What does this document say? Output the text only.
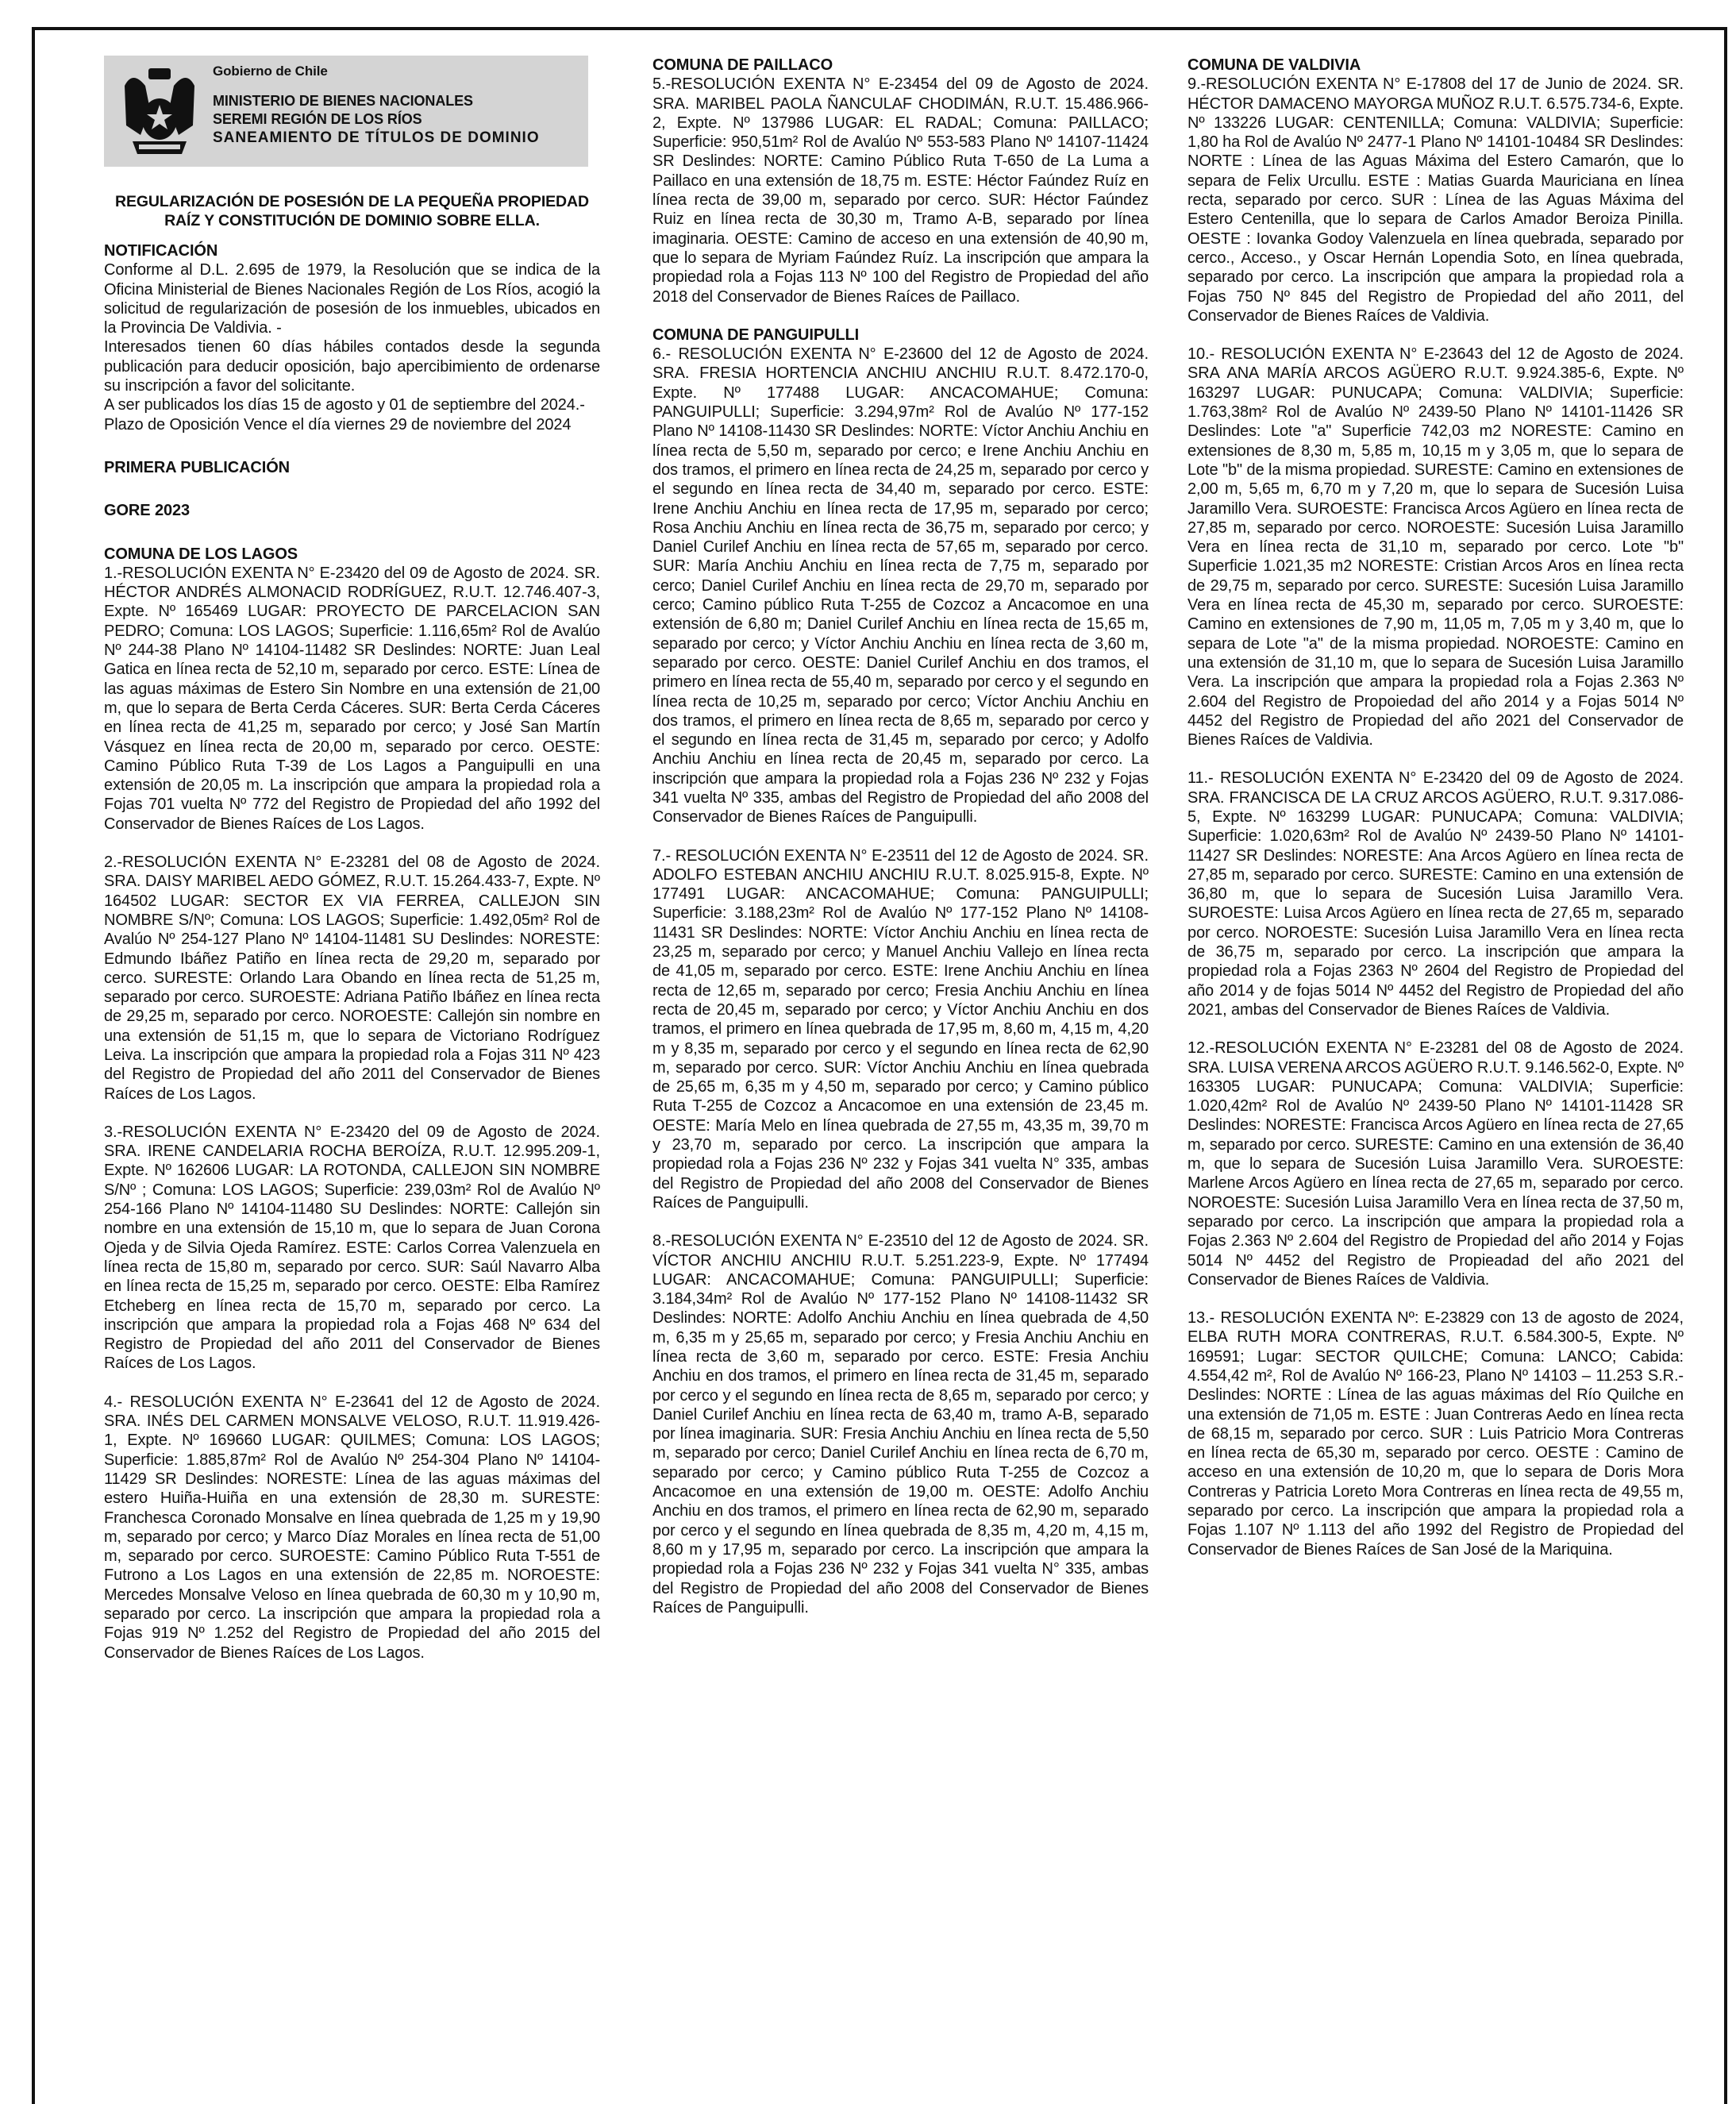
Gobierno de Chile
MINISTERIO DE BIENES NACIONALES
SEREMI REGIÓN DE LOS RÍOS
SANEAMIENTO DE TÍTULOS DE DOMINIO

REGULARIZACIÓN DE POSESIÓN DE LA PEQUEÑA PROPIEDAD RAÍZ Y CONSTITUCIÓN DE DOMINIO SOBRE ELLA.

NOTIFICACIÓN

Conforme al D.L. 2.695 de 1979, la Resolución que se indica de la Oficina Ministerial de Bienes Nacionales Región de Los Ríos, acogió la solicitud de regularización de posesión de los inmuebles, ubicados en la Provincia De Valdivia. -

Interesados tienen 60 días hábiles contados desde la segunda publicación para deducir oposición, bajo apercibimiento de ordenarse su inscripción a favor del solicitante.

A ser publicados los días 15 de agosto y 01 de septiembre del 2024.-

Plazo de Oposición Vence el día viernes 29 de noviembre del 2024

PRIMERA PUBLICACIÓN

GORE 2023

COMUNA DE LOS LAGOS

1.-RESOLUCIÓN EXENTA N° E-23420 del 09 de Agosto de 2024. SR. HÉCTOR ANDRÉS ALMONACID RODRÍGUEZ, R.U.T. 12.746.407-3, Expte. Nº 165469 LUGAR: PROYECTO DE PARCELACION SAN PEDRO; Comuna: LOS LAGOS; Superficie: 1.116,65m² Rol de Avalúo Nº 244-38 Plano Nº 14104-11482 SR Deslindes: NORTE: Juan Leal Gatica en línea recta de 52,10 m, separado por cerco. ESTE: Línea de las aguas máximas de Estero Sin Nombre en una extensión de 21,00 m, que lo separa de Berta Cerda Cáceres. SUR: Berta Cerda Cáceres en línea recta de 41,25 m, separado por cerco; y José San Martín Vásquez en línea recta de 20,00 m, separado por cerco. OESTE: Camino Público Ruta T-39 de Los Lagos a Panguipulli en una extensión de 20,05 m. La inscripción que ampara la propiedad rola a Fojas 701 vuelta Nº 772 del Registro de Propiedad del año 1992 del Conservador de Bienes Raíces de Los Lagos.

2.-RESOLUCIÓN EXENTA N° E-23281 del 08 de Agosto de 2024. SRA. DAISY MARIBEL AEDO GÓMEZ, R.U.T. 15.264.433-7, Expte. Nº 164502 LUGAR: SECTOR EX VIA FERREA, CALLEJON SIN NOMBRE S/Nº; Comuna: LOS LAGOS; Superficie: 1.492,05m² Rol de Avalúo Nº 254-127 Plano Nº 14104-11481 SU Deslindes: NORESTE: Edmundo Ibáñez Patiño en línea recta de 29,20 m, separado por cerco. SURESTE: Orlando Lara Obando en línea recta de 51,25 m, separado por cerco. SUROESTE: Adriana Patiño Ibáñez en línea recta de 29,25 m, separado por cerco. NOROESTE: Callejón sin nombre en una extensión de 51,15 m, que lo separa de Victoriano Rodríguez Leiva. La inscripción que ampara la propiedad rola a Fojas 311 Nº 423 del Registro de Propiedad del año 2011 del Conservador de Bienes Raíces de Los Lagos.

3.-RESOLUCIÓN EXENTA N° E-23420 del 09 de Agosto de 2024. SRA. IRENE CANDELARIA ROCHA BEROÍZA, R.U.T. 12.995.209-1, Expte. Nº 162606 LUGAR: LA ROTONDA, CALLEJON SIN NOMBRE S/Nº ; Comuna: LOS LAGOS; Superficie: 239,03m² Rol de Avalúo Nº 254-166 Plano Nº 14104-11480 SU Deslindes: NORTE: Callejón sin nombre en una extensión de 15,10 m, que lo separa de Juan Corona Ojeda y de Silvia Ojeda Ramírez. ESTE: Carlos Correa Valenzuela en línea recta de 15,80 m, separado por cerco. SUR: Saúl Navarro Alba en línea recta de 15,25 m, separado por cerco. OESTE: Elba Ramírez Etcheberg en línea recta de 15,70 m, separado por cerco. La inscripción que ampara la propiedad rola a Fojas 468 Nº 634 del Registro de Propiedad del año 2011 del Conservador de Bienes Raíces de Los Lagos.

4.- RESOLUCIÓN EXENTA N° E-23641 del 12 de Agosto de 2024. SRA. INÉS DEL CARMEN MONSALVE VELOSO, R.U.T. 11.919.426-1, Expte. Nº 169660 LUGAR: QUILMES; Comuna: LOS LAGOS; Superficie: 1.885,87m² Rol de Avalúo Nº 254-304 Plano Nº 14104-11429 SR Deslindes: NORESTE: Línea de las aguas máximas del estero Huiña-Huiña en una extensión de 28,30 m. SURESTE: Franchesca Coronado Monsalve en línea quebrada de 1,25 m y 19,90 m, separado por cerco; y Marco Díaz Morales en línea recta de 51,00 m, separado por cerco. SUROESTE: Camino Público Ruta T-551 de Futrono a Los Lagos en una extensión de 22,85 m. NOROESTE: Mercedes Monsalve Veloso en línea quebrada de 60,30 m y 10,90 m, separado por cerco. La inscripción que ampara la propiedad rola a Fojas 919 Nº 1.252 del Registro de Propiedad del año 2015 del Conservador de Bienes Raíces de Los Lagos.

COMUNA DE PAILLACO

5.-RESOLUCIÓN EXENTA N° E-23454 del 09 de Agosto de 2024. SRA. MARIBEL PAOLA ÑANCULAF CHODIMÁN, R.U.T. 15.486.966-2, Expte. Nº 137986 LUGAR: EL RADAL; Comuna: PAILLACO; Superficie: 950,51m² Rol de Avalúo Nº 553-583 Plano Nº 14107-11424 SR Deslindes: NORTE: Camino Público Ruta T-650 de La Luma a Paillaco en una extensión de 18,75 m. ESTE: Héctor Faúndez Ruíz en línea recta de 39,00 m, separado por cerco. SUR: Héctor Faúndez Ruiz en línea recta de 30,30 m, Tramo A-B, separado por línea imaginaria. OESTE: Camino de acceso en una extensión de 40,90 m, que lo separa de Myriam Faúndez Ruíz. La inscripción que ampara la propiedad rola a Fojas 113 Nº 100 del Registro de Propiedad del año 2018 del Conservador de Bienes Raíces de Paillaco.

COMUNA DE PANGUIPULLI

6.- RESOLUCIÓN EXENTA N° E-23600 del 12 de Agosto de 2024. SRA. FRESIA HORTENCIA ANCHIU ANCHIU R.U.T. 8.472.170-0, Expte. Nº 177488 LUGAR: ANCACOMAHUE; Comuna: PANGUIPULLI; Superficie: 3.294,97m² Rol de Avalúo Nº 177-152 Plano Nº 14108-11430 SR Deslindes: NORTE: Víctor Anchiu Anchiu en línea recta de 5,50 m, separado por cerco; e Irene Anchiu Anchiu en dos tramos, el primero en línea recta de 24,25 m, separado por cerco y el segundo en línea recta de 34,40 m, separado por cerco. ESTE: Irene Anchiu Anchiu en línea recta de 17,95 m, separado por cerco; Rosa Anchiu Anchiu en línea recta de 36,75 m, separado por cerco; y Daniel Curilef Anchiu en línea recta de 57,65 m, separado por cerco. SUR: María Anchiu Anchiu en línea recta de 7,75 m, separado por cerco; Daniel Curilef Anchiu en línea recta de 29,70 m, separado por cerco; Camino público Ruta T-255 de Cozcoz a Ancacomoe en una extensión de 6,80 m; Daniel Curilef Anchiu en línea recta de 15,65 m, separado por cerco; y Víctor Anchiu Anchiu en línea recta de 3,60 m, separado por cerco. OESTE: Daniel Curilef Anchiu en dos tramos, el primero en línea recta de 55,40 m, separado por cerco y el segundo en línea recta de 10,25 m, separado por cerco; Víctor Anchiu Anchiu en dos tramos, el primero en línea recta de 8,65 m, separado por cerco y el segundo en línea recta de 31,45 m, separado por cerco; y Adolfo Anchiu Anchiu en línea recta de 20,45 m, separado por cerco. La inscripción que ampara la propiedad rola a Fojas 236 Nº 232 y Fojas 341 vuelta Nº 335, ambas del Registro de Propiedad del año 2008 del Conservador de Bienes Raíces de Panguipulli.

7.- RESOLUCIÓN EXENTA N° E-23511 del 12 de Agosto de 2024. SR. ADOLFO ESTEBAN ANCHIU ANCHIU R.U.T. 8.025.915-8, Expte. Nº 177491 LUGAR: ANCACOMAHUE; Comuna: PANGUIPULLI; Superficie: 3.188,23m² Rol de Avalúo Nº 177-152 Plano Nº 14108-11431 SR Deslindes: NORTE: Víctor Anchiu Anchiu en línea recta de 23,25 m, separado por cerco; y Manuel Anchiu Vallejo en línea recta de 41,05 m, separado por cerco. ESTE: Irene Anchiu Anchiu en línea recta de 12,65 m, separado por cerco; Fresia Anchiu Anchiu en línea recta de 20,45 m, separado por cerco; y Víctor Anchiu Anchiu en dos tramos, el primero en línea quebrada de 17,95 m, 8,60 m, 4,15 m, 4,20 m y 8,35 m, separado por cerco y el segundo en línea recta de 62,90 m, separado por cerco. SUR: Víctor Anchiu Anchiu en línea quebrada de 25,65 m, 6,35 m y 4,50 m, separado por cerco; y Camino público Ruta T-255 de Cozcoz a Ancacomoe en una extensión de 23,45 m. OESTE: María Melo en línea quebrada de 27,55 m, 43,35 m, 39,70 m y 23,70 m, separado por cerco. La inscripción que ampara la propiedad rola a Fojas 236 Nº 232 y Fojas 341 vuelta N° 335, ambas del Registro de Propiedad del año 2008 del Conservador de Bienes Raíces de Panguipulli.

8.-RESOLUCIÓN EXENTA N° E-23510 del 12 de Agosto de 2024. SR. VÍCTOR ANCHIU ANCHIU R.U.T. 5.251.223-9, Expte. Nº 177494 LUGAR: ANCACOMAHUE; Comuna: PANGUIPULLI; Superficie: 3.184,34m² Rol de Avalúo Nº 177-152 Plano Nº 14108-11432 SR Deslindes: NORTE: Adolfo Anchiu Anchiu en línea quebrada de 4,50 m, 6,35 m y 25,65 m, separado por cerco; y Fresia Anchiu Anchiu en línea recta de 3,60 m, separado por cerco. ESTE: Fresia Anchiu Anchiu en dos tramos, el primero en línea recta de 31,45 m, separado por cerco y el segundo en línea recta de 8,65 m, separado por cerco; y Daniel Curilef Anchiu en línea recta de 63,40 m, tramo A-B, separado por línea imaginaria. SUR: Fresia Anchiu Anchiu en línea recta de 5,50 m, separado por cerco; Daniel Curilef Anchiu en línea recta de 6,70 m, separado por cerco; y Camino público Ruta T-255 de Cozcoz a Ancacomoe en una extensión de 19,00 m. OESTE: Adolfo Anchiu Anchiu en dos tramos, el primero en línea recta de 62,90 m, separado por cerco y el segundo en línea quebrada de 8,35 m, 4,20 m, 4,15 m, 8,60 m y 17,95 m, separado por cerco. La inscripción que ampara la propiedad rola a Fojas 236 Nº 232 y Fojas 341 vuelta N° 335, ambas del Registro de Propiedad del año 2008 del Conservador de Bienes Raíces de Panguipulli.

COMUNA DE VALDIVIA

9.-RESOLUCIÓN EXENTA N° E-17808 del 17 de Junio de 2024. SR. HÉCTOR DAMACENO MAYORGA MUÑOZ R.U.T. 6.575.734-6, Expte. Nº 133226 LUGAR: CENTENILLA; Comuna: VALDIVIA; Superficie: 1,80 ha Rol de Avalúo Nº 2477-1 Plano Nº 14101-10484 SR Deslindes: NORTE : Línea de las Aguas Máxima del Estero Camarón, que lo separa de Felix Urcullu. ESTE : Matias Guarda Mauriciana en línea recta, separado por cerco. SUR : Línea de las Aguas Máxima del Estero Centenilla, que lo separa de Carlos Amador Beroiza Pinilla. OESTE : Iovanka Godoy Valenzuela en línea quebrada, separado por cerco., Acceso., y Oscar Hernán Lopendia Soto, en línea quebrada, separado por cerco. La inscripción que ampara la propiedad rola a Fojas 750 Nº 845 del Registro de Propiedad del año 2011, del Conservador de Bienes Raíces de Valdivia.

10.- RESOLUCIÓN EXENTA N° E-23643 del 12 de Agosto de 2024. SRA ANA MARÍA ARCOS AGÜERO R.U.T. 9.924.385-6, Expte. Nº 163297 LUGAR: PUNUCAPA; Comuna: VALDIVIA; Superficie: 1.763,38m² Rol de Avalúo Nº 2439-50 Plano Nº 14101-11426 SR Deslindes: Lote "a" Superficie 742,03 m2 NORESTE: Camino en extensiones de 8,30 m, 5,85 m, 10,15 m y 3,05 m, que lo separa de Lote "b" de la misma propiedad. SURESTE: Camino en extensiones de 2,00 m, 5,65 m, 6,70 m y 7,20 m, que lo separa de Sucesión Luisa Jaramillo Vera. SUROESTE: Francisca Arcos Agüero en línea recta de 27,85 m, separado por cerco. NOROESTE: Sucesión Luisa Jaramillo Vera en línea recta de 31,10 m, separado por cerco. Lote "b" Superficie 1.021,35 m2 NORESTE: Cristian Arcos Aros en línea recta de 29,75 m, separado por cerco. SURESTE: Sucesión Luisa Jaramillo Vera en línea recta de 45,30 m, separado por cerco. SUROESTE: Camino en extensiones de 7,90 m, 11,05 m, 7,05 m y 3,40 m, que lo separa de Lote "a" de la misma propiedad. NOROESTE: Camino en una extensión de 31,10 m, que lo separa de Sucesión Luisa Jaramillo Vera. La inscripción que ampara la propiedad rola a Fojas 2.363 Nº 2.604 del Registro de Propoiedad del año 2014 y a Fojas 5014 Nº 4452 del Registro de Propiedad del año 2021 del Conservador de Bienes Raíces de Valdivia.

11.- RESOLUCIÓN EXENTA N° E-23420 del 09 de Agosto de 2024. SRA. FRANCISCA DE LA CRUZ ARCOS AGÜERO, R.U.T. 9.317.086-5, Expte. Nº 163299 LUGAR: PUNUCAPA; Comuna: VALDIVIA; Superficie: 1.020,63m² Rol de Avalúo Nº 2439-50 Plano Nº 14101-11427 SR Deslindes: NORESTE: Ana Arcos Agüero en línea recta de 27,85 m, separado por cerco. SURESTE: Camino en una extensión de 36,80 m, que lo separa de Sucesión Luisa Jaramillo Vera. SUROESTE: Luisa Arcos Agüero en línea recta de 27,65 m, separado por cerco. NOROESTE: Sucesión Luisa Jaramillo Vera en línea recta de 36,75 m, separado por cerco. La inscripción que ampara la propiedad rola a Fojas 2363 Nº 2604 del Registro de Propiedad del año 2014 y de fojas 5014 Nº 4452 del Registro de Propiedad del año 2021, ambas del Conservador de Bienes Raíces de Valdivia.

12.-RESOLUCIÓN EXENTA N° E-23281 del 08 de Agosto de 2024. SRA. LUISA VERENA ARCOS AGÜERO R.U.T. 9.146.562-0, Expte. Nº 163305 LUGAR: PUNUCAPA; Comuna: VALDIVIA; Superficie: 1.020,42m² Rol de Avalúo Nº 2439-50 Plano Nº 14101-11428 SR Deslindes: NORESTE: Francisca Arcos Agüero en línea recta de 27,65 m, separado por cerco. SURESTE: Camino en una extensión de 36,40 m, que lo separa de Sucesión Luisa Jaramillo Vera. SUROESTE: Marlene Arcos Agüero en línea recta de 27,65 m, separado por cerco. NOROESTE: Sucesión Luisa Jaramillo Vera en línea recta de 37,50 m, separado por cerco. La inscripción que ampara la propiedad rola a Fojas 2.363 Nº 2.604 del Registro de Propiedad del año 2014 y Fojas 5014 Nº 4452 del Registro de Propieadad del año 2021 del Conservador de Bienes Raíces de Valdivia.

13.- RESOLUCIÓN EXENTA Nº: E-23829 con 13 de agosto de 2024, ELBA RUTH MORA CONTRERAS, R.U.T. 6.584.300-5, Expte. Nº 169591; Lugar: SECTOR QUILCHE; Comuna: LANCO; Cabida: 4.554,42 m², Rol de Avalúo Nº 166-23, Plano Nº 14103 – 11.253 S.R.- Deslindes: NORTE : Línea de las aguas máximas del Río Quilche en una extensión de 71,05 m. ESTE : Juan Contreras Aedo en línea recta de 68,15 m, separado por cerco. SUR : Luis Patricio Mora Contreras en línea recta de 65,30 m, separado por cerco. OESTE : Camino de acceso en una extensión de 10,20 m, que lo separa de Doris Mora Contreras y Patricia Loreto Mora Contreras en línea recta de 49,55 m, separado por cerco. La inscripción que ampara la propiedad rola a Fojas 1.107 Nº 1.113 del año 1992 del Registro de Propiedad del Conservador de Bienes Raíces de San José de la Mariquina.
